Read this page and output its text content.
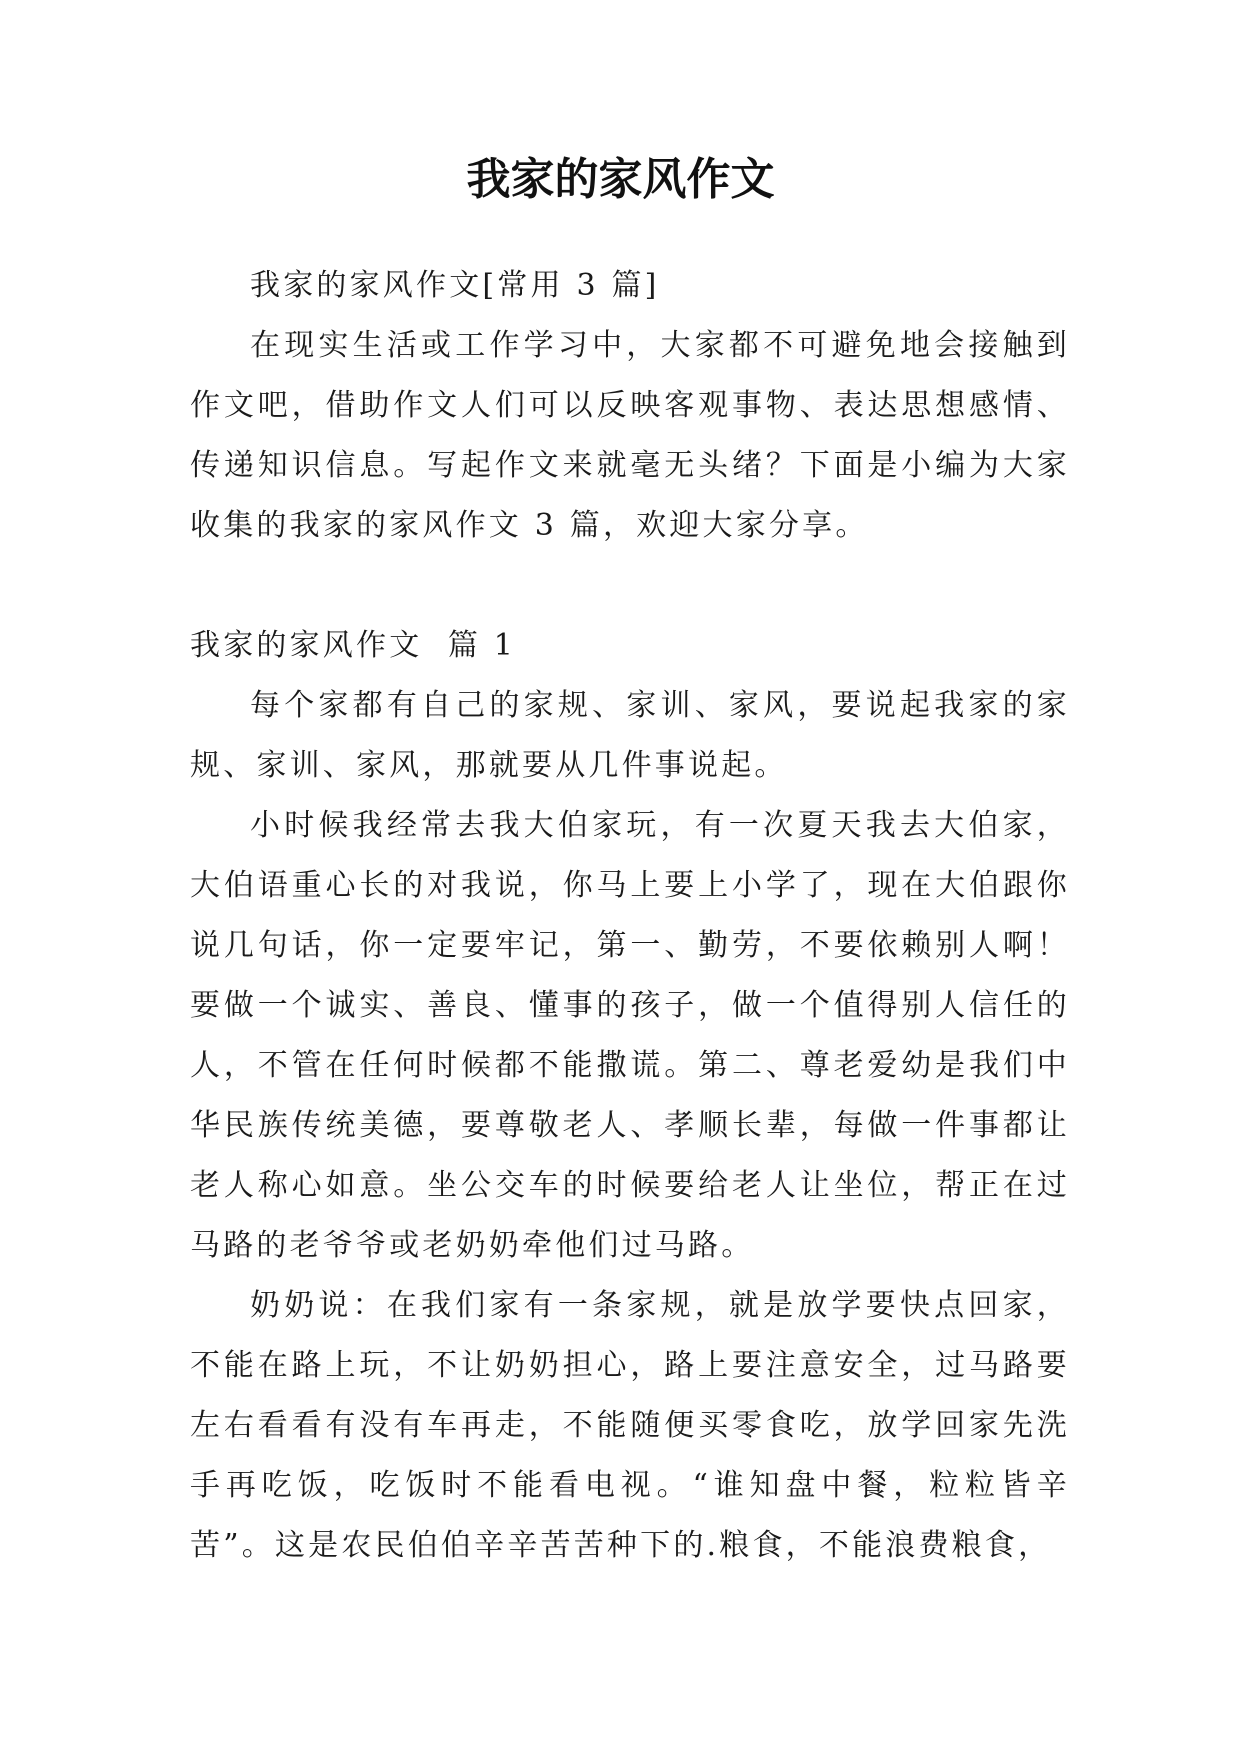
我家的家风作文

我家的家风作文[常用 3 篇]

在现实生活或工作学习中，大家都不可避免地会接触到作文吧，借助作文人们可以反映客观事物、表达思想感情、传递知识信息。写起作文来就毫无头绪？下面是小编为大家收集的我家的家风作文 3 篇，欢迎大家分享。

我家的家风作文  篇 1

每个家都有自己的家规、家训、家风，要说起我家的家规、家训、家风，那就要从几件事说起。

小时候我经常去我大伯家玩，有一次夏天我去大伯家，大伯语重心长的对我说，你马上要上小学了，现在大伯跟你说几句话，你一定要牢记，第一、勤劳，不要依赖别人啊！要做一个诚实、善良、懂事的孩子，做一个值得别人信任的人，不管在任何时候都不能撒谎。第二、尊老爱幼是我们中华民族传统美德，要尊敬老人、孝顺长辈，每做一件事都让老人称心如意。坐公交车的时候要给老人让坐位，帮正在过马路的老爷爷或老奶奶牵他们过马路。

奶奶说：在我们家有一条家规，就是放学要快点回家，不能在路上玩，不让奶奶担心，路上要注意安全，过马路要左右看看有没有车再走，不能随便买零食吃，放学回家先洗手再吃饭，吃饭时不能看电视。“谁知盘中餐，粒粒皆辛苦”。这是农民伯伯辛辛苦苦种下的.粮食，不能浪费粮食，
